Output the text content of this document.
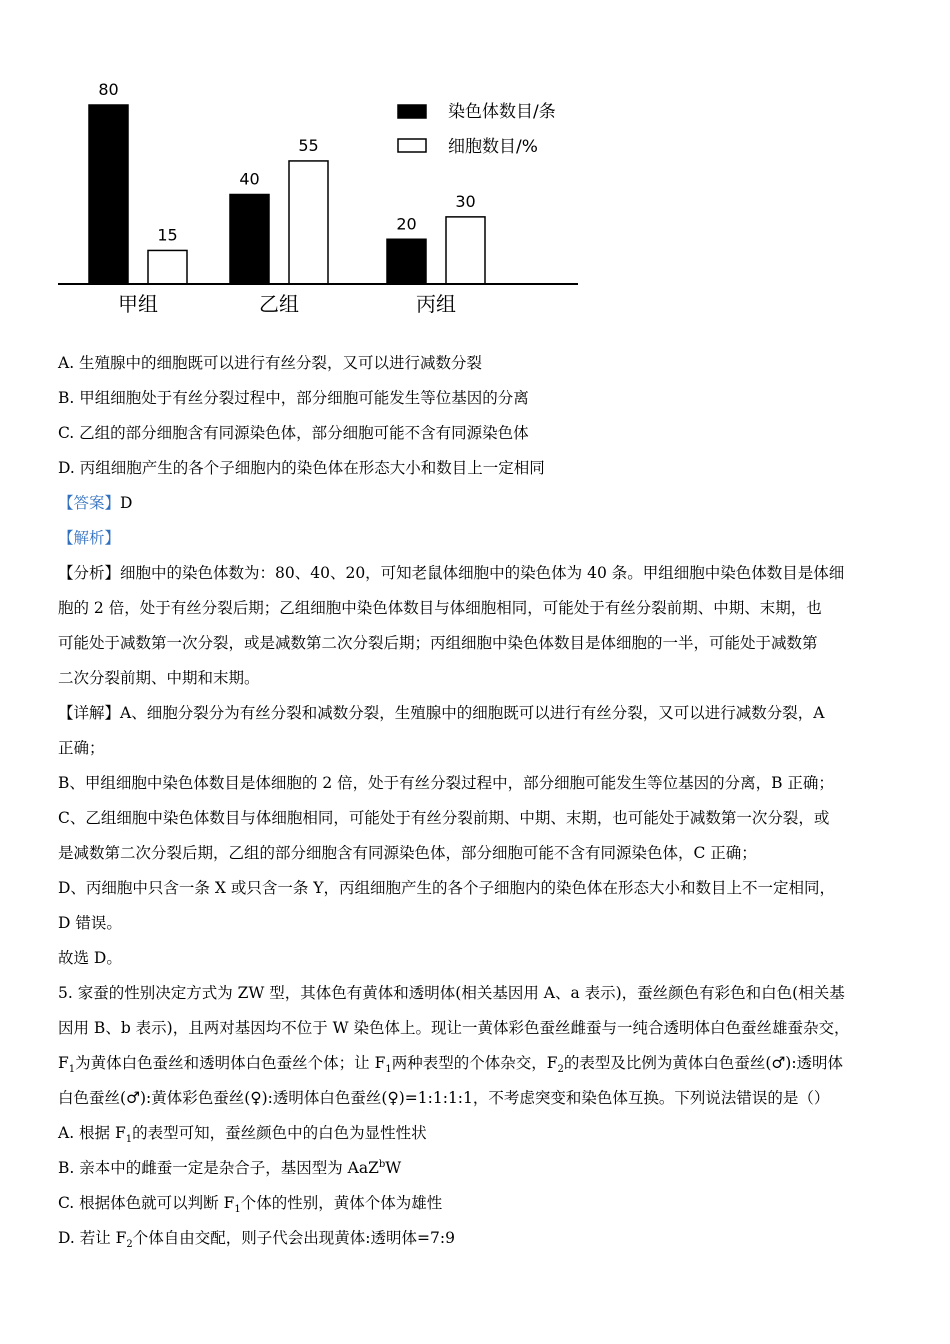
80
15
甲组
40
55
乙组
20
30
丙组
染色体数目/条
细胞数目/%
A. 生殖腺中的细胞既可以进行有丝分裂，又可以进行减数分裂
B. 甲组细胞处于有丝分裂过程中，部分细胞可能发生等位基因的分离
C. 乙组的部分细胞含有同源染色体，部分细胞可能不含有同源染色体
D. 丙组细胞产生的各个子细胞内的染色体在形态大小和数目上一定相同
【答案】D
【解析】
【分析】细胞中的染色体数为：80、40、20，可知老鼠体细胞中的染色体为 40 条。甲组细胞中染色体数目是体细
胞的 2 倍，处于有丝分裂后期；乙组细胞中染色体数目与体细胞相同，可能处于有丝分裂前期、中期、末期，也
可能处于减数第一次分裂，或是减数第二次分裂后期；丙组细胞中染色体数目是体细胞的一半，可能处于减数第
二次分裂前期、中期和末期。
【详解】A、细胞分裂分为有丝分裂和减数分裂，生殖腺中的细胞既可以进行有丝分裂，又可以进行减数分裂，A
正确；
B、甲组细胞中染色体数目是体细胞的 2 倍，处于有丝分裂过程中，部分细胞可能发生等位基因的分离，B 正确；
C、乙组细胞中染色体数目与体细胞相同，可能处于有丝分裂前期、中期、末期，也可能处于减数第一次分裂，或
是减数第二次分裂后期，乙组的部分细胞含有同源染色体，部分细胞可能不含有同源染色体，C 正确；
D、丙细胞中只含一条 X 或只含一条 Y，丙组细胞产生的各个子细胞内的染色体在形态大小和数目上不一定相同，
D 错误。
故选 D。
5. 家蚕的性别决定方式为 ZW 型，其体色有黄体和透明体(相关基因用 A、a 表示)，蚕丝颜色有彩色和白色(相关基
因用 B、b 表示)，且两对基因均不位于 W 染色体上。现让一黄体彩色蚕丝雌蚕与一纯合透明体白色蚕丝雄蚕杂交，
$F_1$为黄体白色蚕丝和透明体白色蚕丝个体；让 $F_1$两种表型的个体杂交，$F_2$的表型及比例为黄体白色蚕丝(♂):透明体
白色蚕丝(♂):黄体彩色蚕丝(♀):透明体白色蚕丝(♀)=1:1:1:1，不考虑突变和染色体互换。下列说法错误的是（）
A. 根据 $F_1$的表型可知，蚕丝颜色中的白色为显性性状
B. 亲本中的雌蚕一定是杂合子，基因型为 AaZ$^b$W
C. 根据体色就可以判断 $F_1$个体的性别，黄体个体为雄性
D. 若让 $F_2$个体自由交配，则子代会出现黄体:透明体=7:9
